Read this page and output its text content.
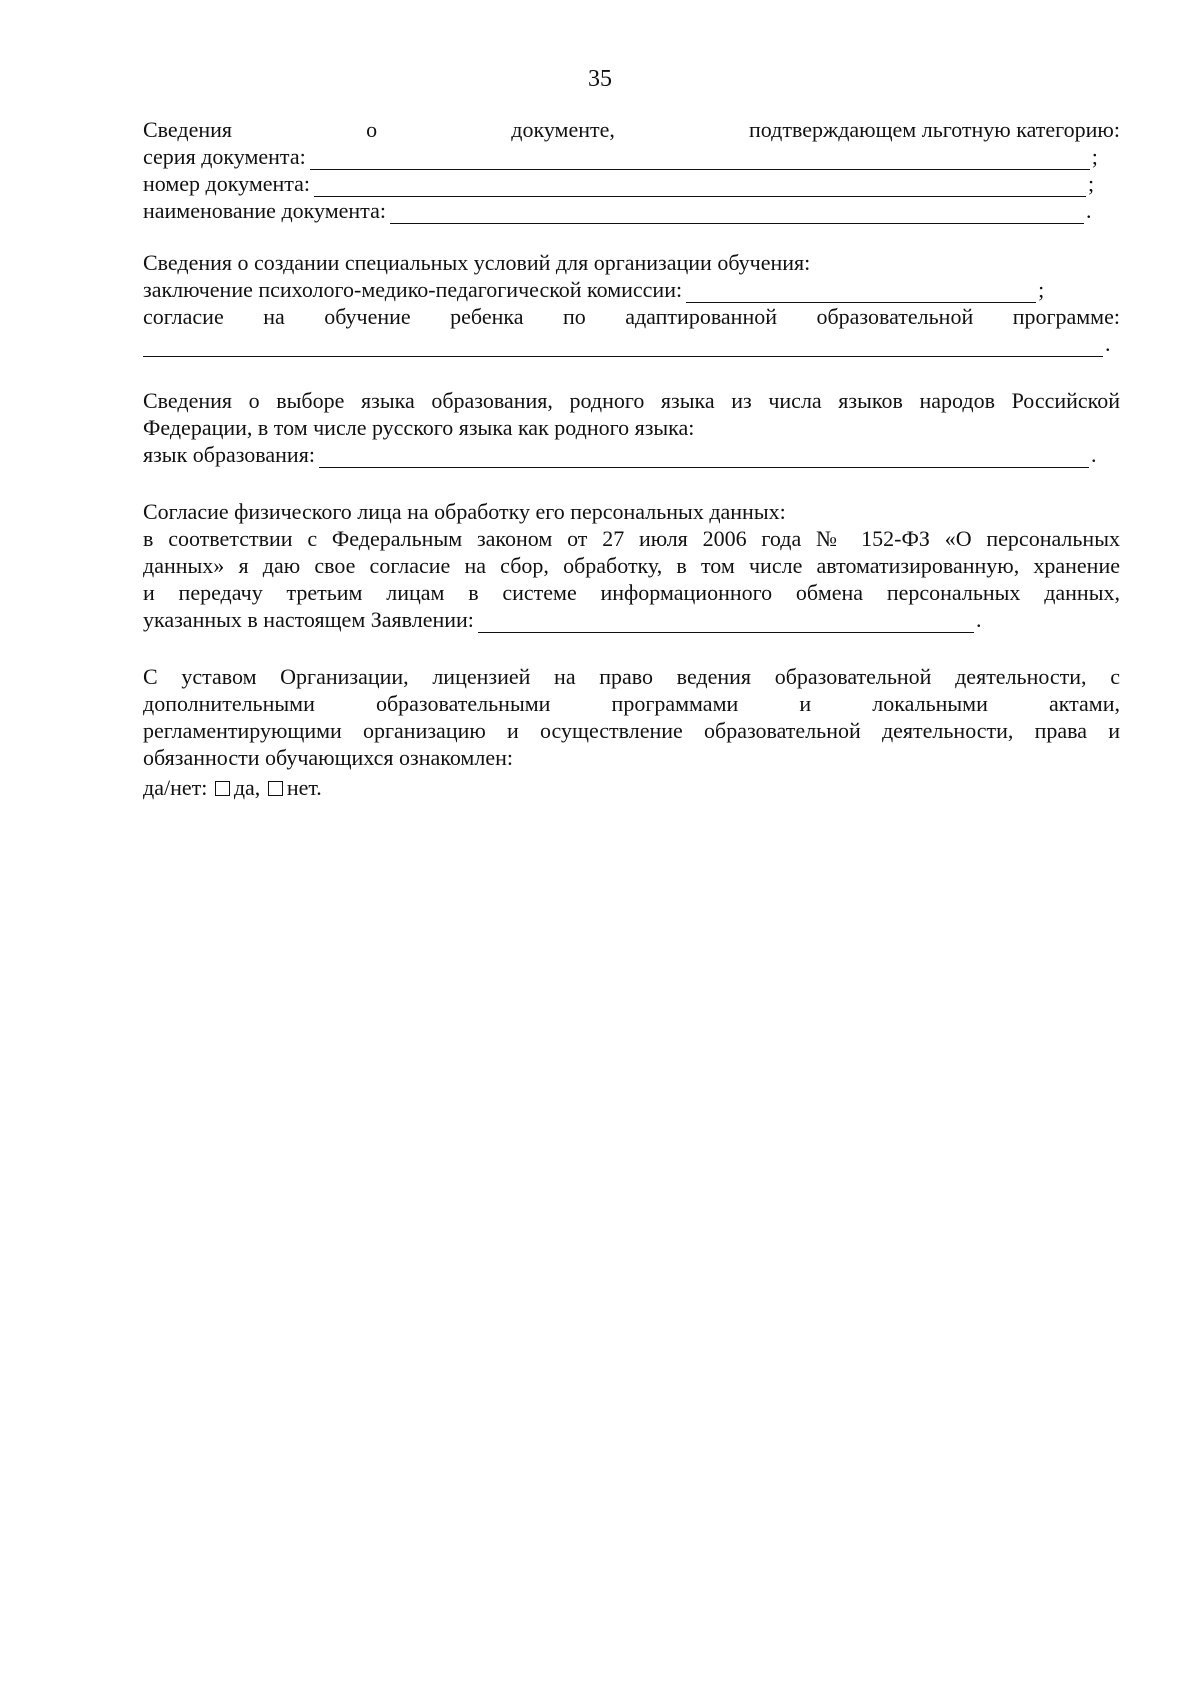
35
Сведения	о	документе,	подтверждающем льготную категорию:
серия документа:	;
номер документа:	;
наименование документа:	.
Сведения о создании специальных условий для организации обучения:
заключение психолого-медико-педагогической комиссии:	;
согласие на обучение ребенка по адаптированной образовательной программе:
.
Сведения о выборе языка образования, родного языка из числа языков народов Российской
Федерации, в том числе русского языка как родного языка:
язык образования:	.
Согласие физического лица на обработку его персональных данных:
в соответствии с Федеральным законом от 27 июля 2006 года № 152-ФЗ «О персональных
данных» я даю свое согласие на сбор, обработку, в том числе автоматизированную, хранение
и передачу третьим лицам в системе информационного обмена персональных данных,
указанных в настоящем Заявлении:	.
С уставом Организации, лицензией на право ведения образовательной деятельности, с
дополнительными	образовательными	программами	и	локальными	актами,
регламентирующими организацию и осуществление образовательной деятельности, права и
обязанности обучающихся ознакомлен:
да/нет: да, нет.
